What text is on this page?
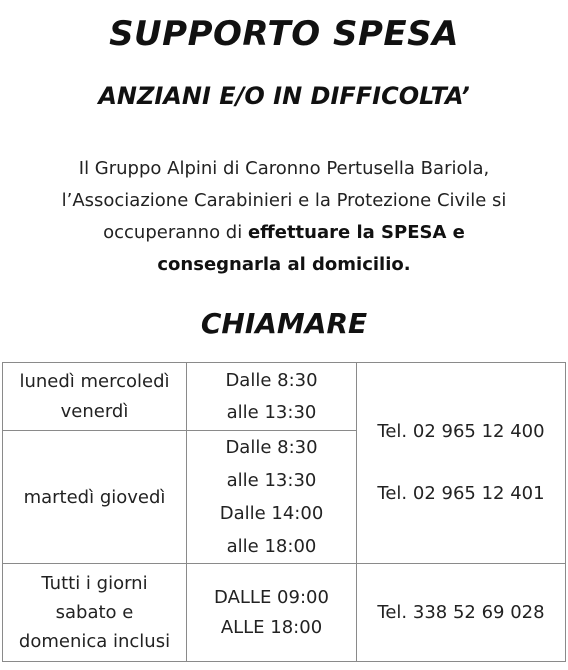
SUPPORTO SPESA
ANZIANI E/O IN DIFFICOLTA’
Il Gruppo Alpini di Caronno Pertusella Bariola,
l’Associazione Carabinieri e la Protezione Civile si
occuperanno di effettuare la SPESA e
consegnarla al domicilio.
CHIAMARE
lunedì mercoledì
venerdì
Dalle 8:30
alle 13:30
martedì giovedì
Dalle 8:30
alle 13:30
Dalle 14:00
alle 18:00
Tel. 02 965 12 400
Tel. 02 965 12 401
Tutti i giorni
sabato e
domenica inclusi
DALLE 09:00
ALLE 18:00
Tel. 338 52 69 028
